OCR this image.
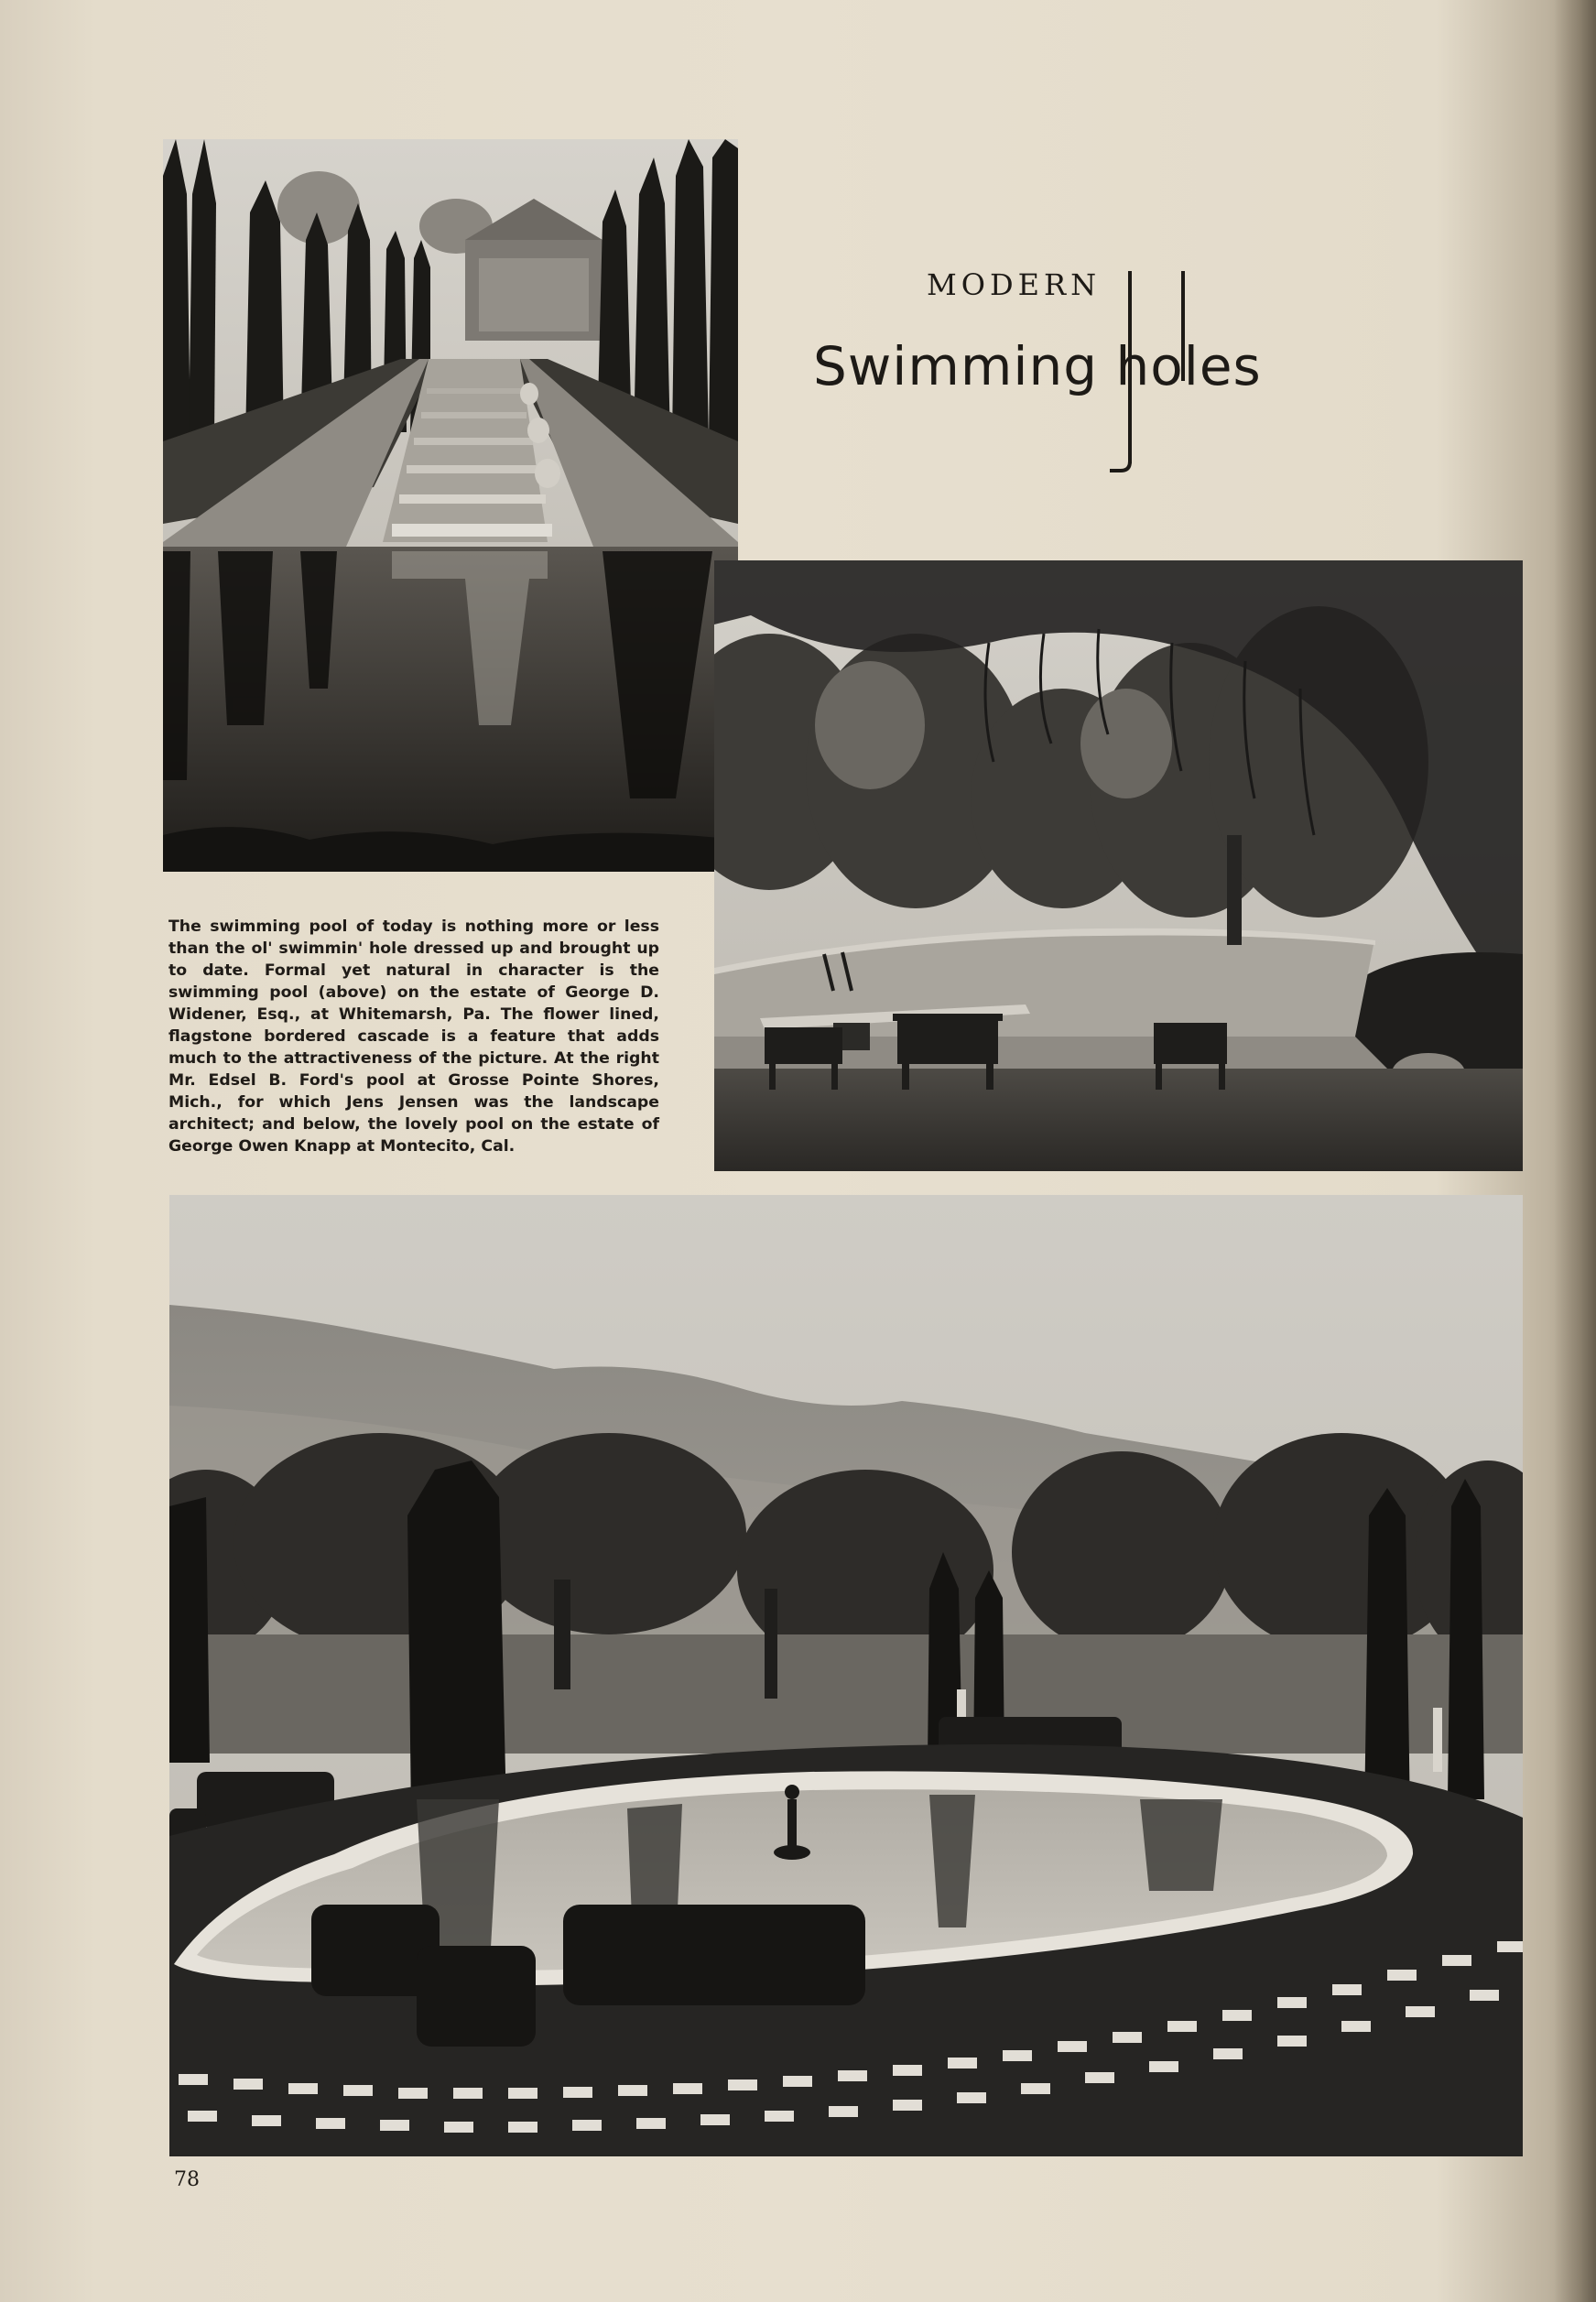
MODERN
Swimming holes
The swimming pool of today is nothing more or less than the ol' swimmin' hole dressed up and brought up to date. Formal yet natural in character is the swimming pool (above) on the estate of George D. Widener, Esq., at Whitemarsh, Pa. The flower lined, flagstone bordered cascade is a feature that adds much to the attractiveness of the picture. At the right Mr. Edsel B. Ford's pool at Grosse Pointe Shores, Mich., for which Jens Jensen was the landscape architect; and below, the lovely pool on the estate of George Owen Knapp at Montecito, Cal.
78
